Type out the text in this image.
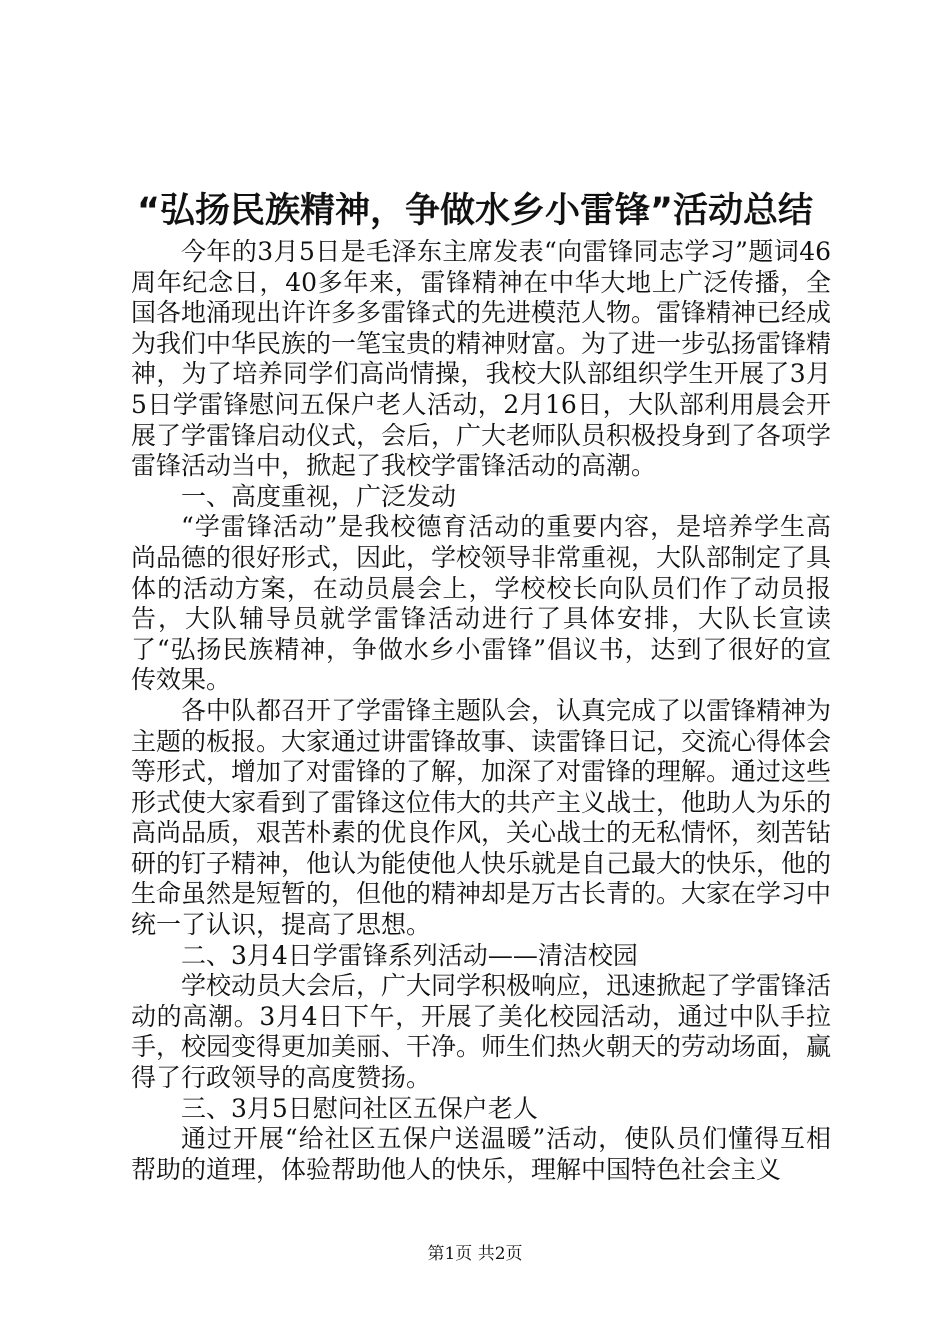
“弘扬民族精神，争做水乡小雷锋”活动总结

今年的3月5日是毛泽东主席发表“向雷锋同志学习”题词46周年纪念日，40多年来，雷锋精神在中华大地上广泛传播，全国各地涌现出许许多多雷锋式的先进模范人物。雷锋精神已经成为我们中华民族的一笔宝贵的精神财富。为了进一步弘扬雷锋精神，为了培养同学们高尚情操，我校大队部组织学生开展了3月5日学雷锋慰问五保户老人活动，2月16日，大队部利用晨会开展了学雷锋启动仪式，会后，广大老师队员积极投身到了各项学雷锋活动当中，掀起了我校学雷锋活动的高潮。

一、高度重视，广泛发动

“学雷锋活动”是我校德育活动的重要内容，是培养学生高尚品德的很好形式，因此，学校领导非常重视，大队部制定了具体的活动方案，在动员晨会上，学校校长向队员们作了动员报告，大队辅导员就学雷锋活动进行了具体安排，大队长宣读了“弘扬民族精神，争做水乡小雷锋”倡议书，达到了很好的宣传效果。

各中队都召开了学雷锋主题队会，认真完成了以雷锋精神为主题的板报。大家通过讲雷锋故事、读雷锋日记，交流心得体会等形式，增加了对雷锋的了解，加深了对雷锋的理解。通过这些形式使大家看到了雷锋这位伟大的共产主义战士，他助人为乐的高尚品质，艰苦朴素的优良作风，关心战士的无私情怀，刻苦钻研的钉子精神，他认为能使他人快乐就是自己最大的快乐，他的生命虽然是短暂的，但他的精神却是万古长青的。大家在学习中统一了认识，提高了思想。

二、3月4日学雷锋系列活动——清洁校园

学校动员大会后，广大同学积极响应，迅速掀起了学雷锋活动的高潮。3月4日下午，开展了美化校园活动，通过中队手拉手，校园变得更加美丽、干净。师生们热火朝天的劳动场面，赢得了行政领导的高度赞扬。

三、3月5日慰问社区五保户老人

通过开展“给社区五保户送温暖”活动，使队员们懂得互相帮助的道理，体验帮助他人的快乐，理解中国特色社会主义

第1页 共2页
